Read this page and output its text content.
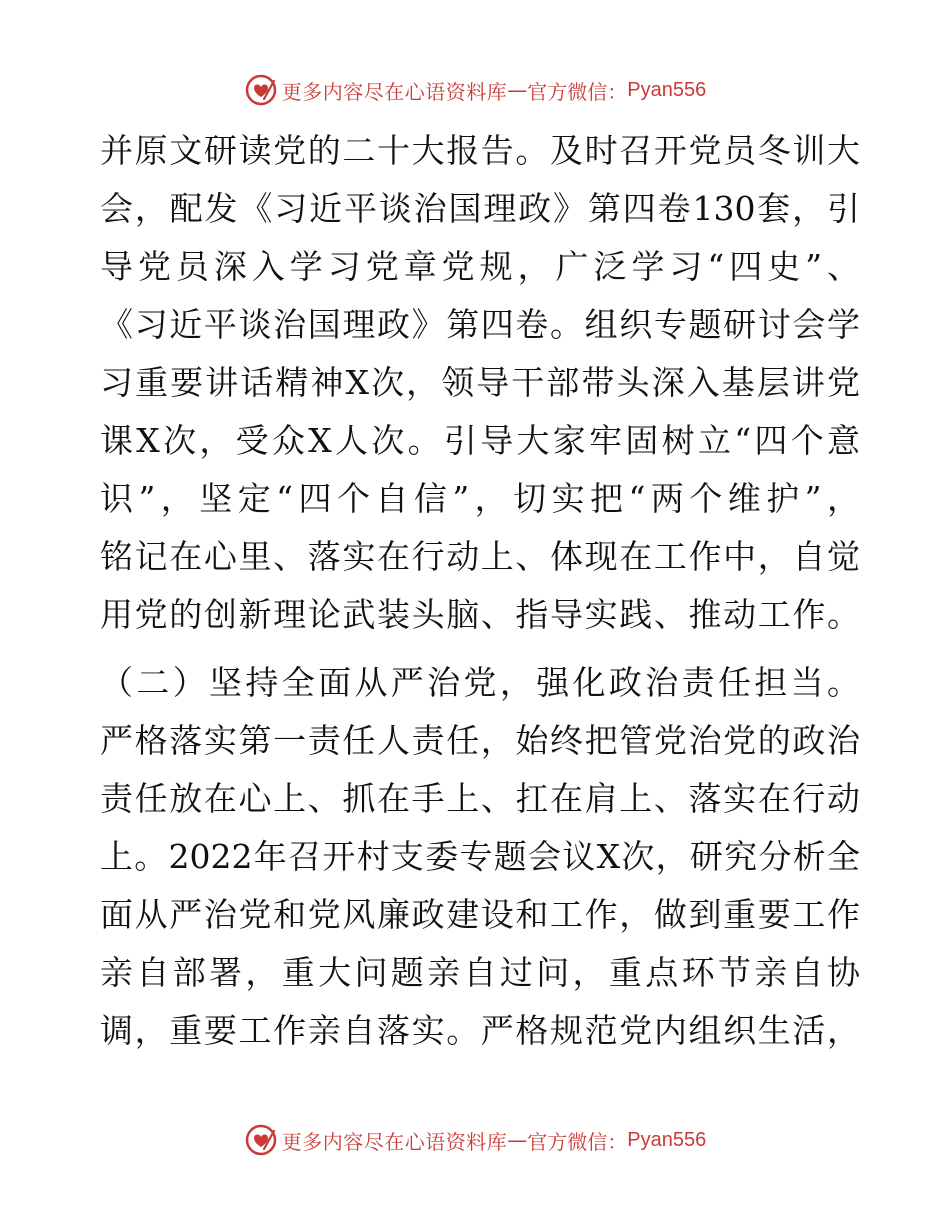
更多内容尽在心语资料库 — 官方微信： Pyan556
并原文研读党的二十大报告。及时召开党员冬训大
会，配发《习近平谈治国理政》第四卷130套，引
导党员深入学习党章党规，广泛学习“四史”、
《习近平谈治国理政》第四卷。组织专题研讨会学
习重要讲话精神X次，领导干部带头深入基层讲党
课X次，受众X人次。引导大家牢固树立“四个意
识”，坚定“四个自信”，切实把“两个维护”，
铭记在心里、落实在行动上、体现在工作中，自觉
用党的创新理论武装头脑、指导实践、推动工作。
（二）坚持全面从严治党，强化政治责任担当。
严格落实第一责任人责任，始终把管党治党的政治
责任放在心上、抓在手上、扛在肩上、落实在行动
上。2022年召开村支委专题会议X次，研究分析全
面从严治党和党风廉政建设和工作，做到重要工作
亲自部署，重大问题亲自过问，重点环节亲自协
调，重要工作亲自落实。严格规范党内组织生活，
更多内容尽在心语资料库 — 官方微信： Pyan556
